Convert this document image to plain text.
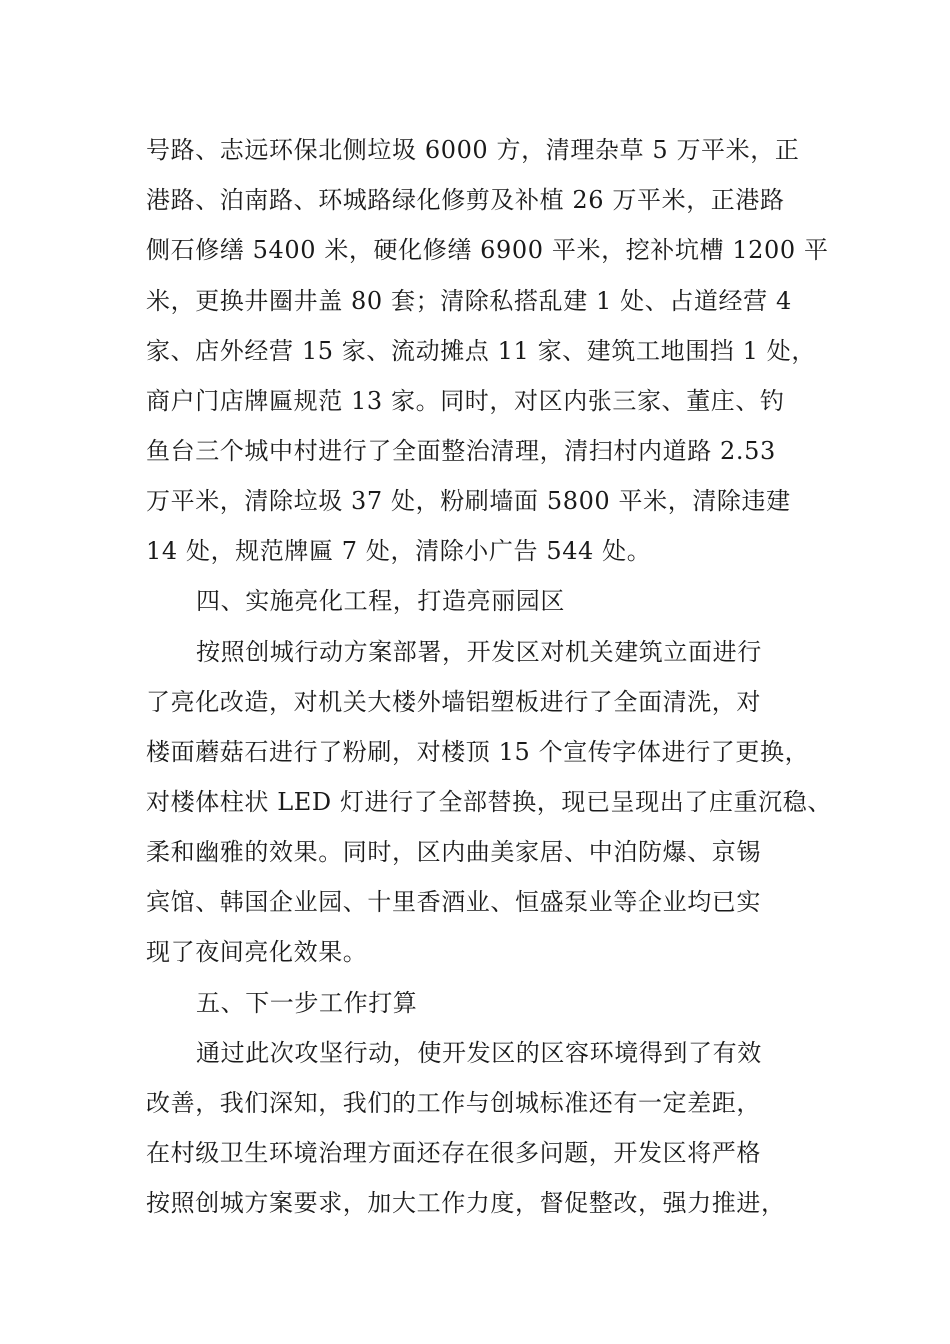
号路、志远环保北侧垃圾 6000 方，清理杂草 5 万平米，正
港路、泊南路、环城路绿化修剪及补植 26 万平米，正港路
侧石修缮 5400 米，硬化修缮 6900 平米，挖补坑槽 1200 平
米，更换井圈井盖 80 套；清除私搭乱建 1 处、占道经营 4
家、店外经营 15 家、流动摊点 11 家、建筑工地围挡 1 处，
商户门店牌匾规范 13 家。同时，对区内张三家、董庄、钓
鱼台三个城中村进行了全面整治清理，清扫村内道路 2.53
万平米，清除垃圾 37 处，粉刷墙面 5800 平米，清除违建
14 处，规范牌匾 7 处，清除小广告 544 处。
四、实施亮化工程，打造亮丽园区
按照创城行动方案部署，开发区对机关建筑立面进行
了亮化改造，对机关大楼外墙铝塑板进行了全面清洗，对
楼面蘑菇石进行了粉刷，对楼顶 15 个宣传字体进行了更换，
对楼体柱状 LED 灯进行了全部替换，现已呈现出了庄重沉稳、
柔和幽雅的效果。同时，区内曲美家居、中泊防爆、京锡
宾馆、韩国企业园、十里香酒业、恒盛泵业等企业均已实
现了夜间亮化效果。
五、下一步工作打算
通过此次攻坚行动，使开发区的区容环境得到了有效
改善，我们深知，我们的工作与创城标准还有一定差距，
在村级卫生环境治理方面还存在很多问题，开发区将严格
按照创城方案要求，加大工作力度，督促整改，强力推进，
